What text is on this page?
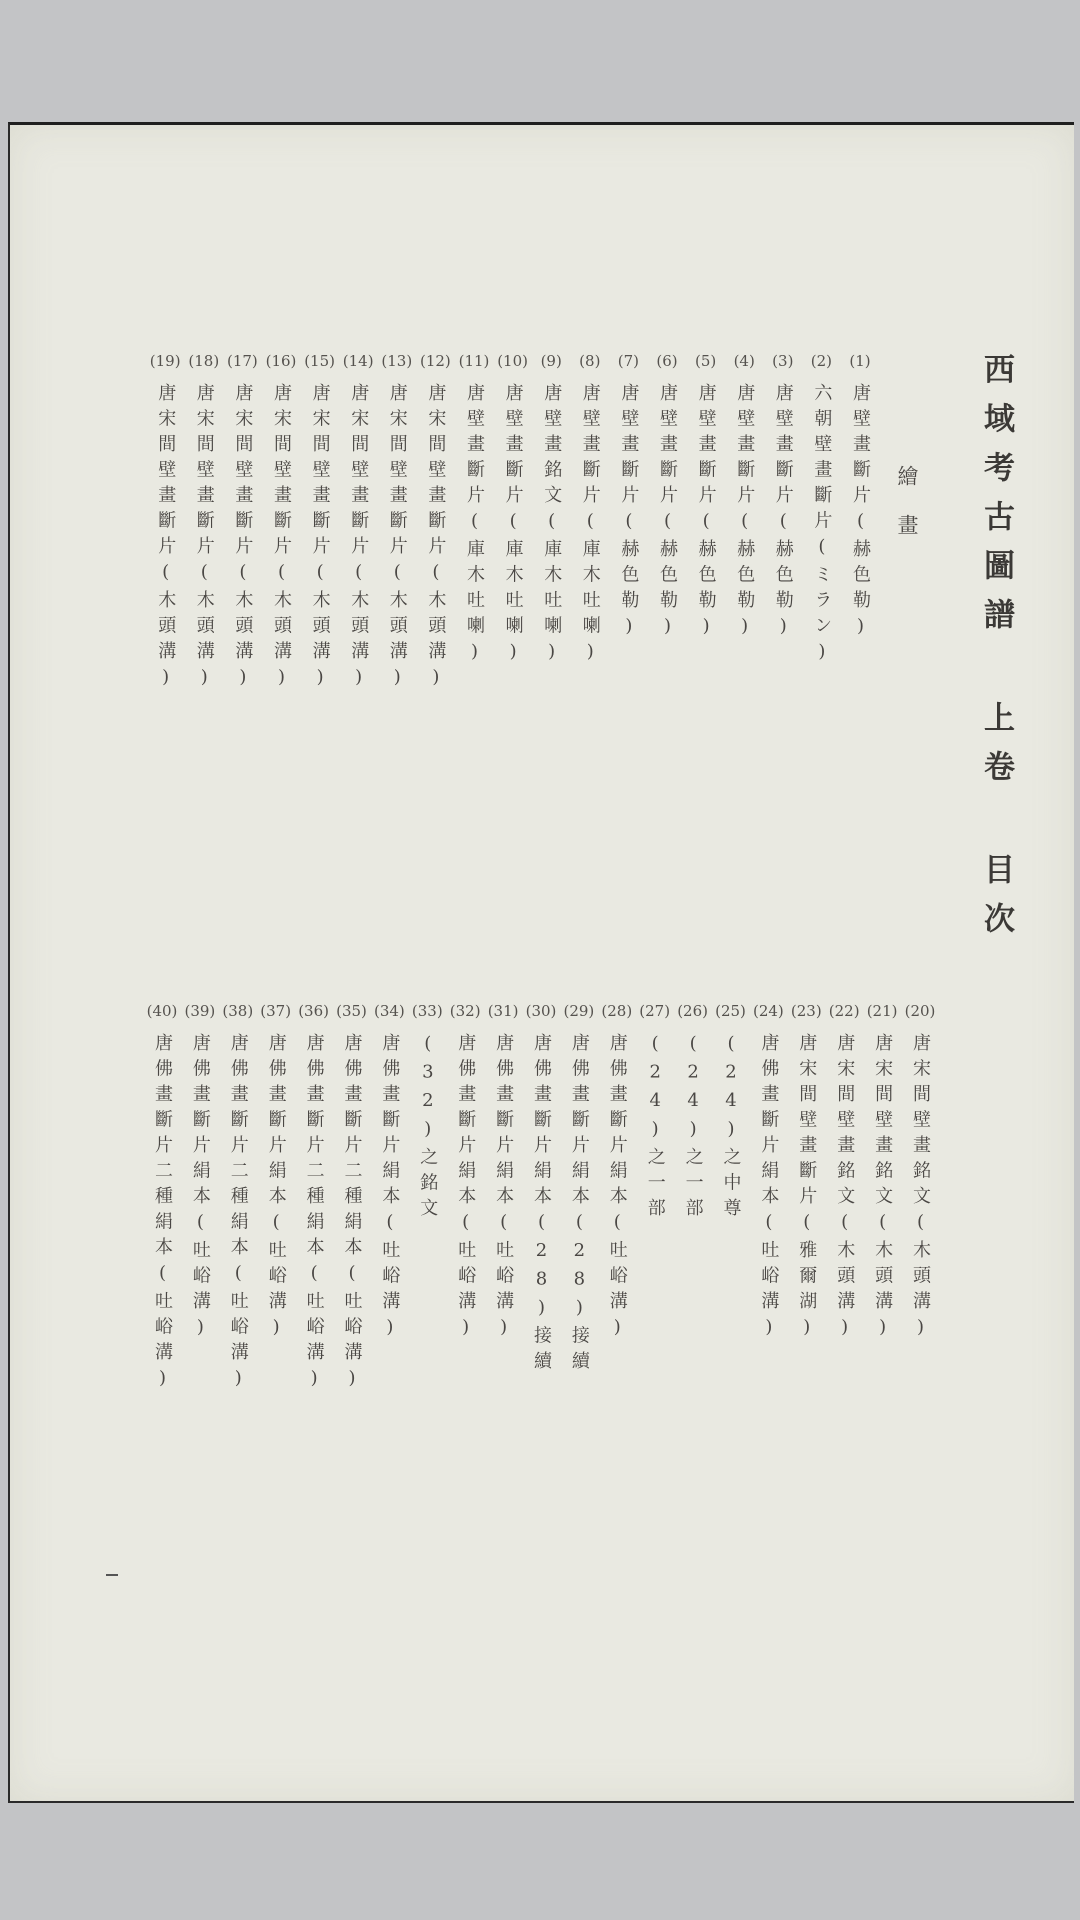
西域考古圖譜 上卷 目次
繪畫
(1)
唐壁畫斷片(赫色勒)
(2)
六朝壁畫斷片(ミラン)
(3)
唐壁畫斷片(赫色勒)
(4)
唐壁畫斷片(赫色勒)
(5)
唐壁畫斷片(赫色勒)
(6)
唐壁畫斷片(赫色勒)
(7)
唐壁畫斷片(赫色勒)
(8)
唐壁畫斷片(庫木吐喇)
(9)
唐壁畫銘文(庫木吐喇)
(10)
唐壁畫斷片(庫木吐喇)
(11)
唐壁畫斷片(庫木吐喇)
(12)
唐宋間壁畫斷片(木頭溝)
(13)
唐宋間壁畫斷片(木頭溝)
(14)
唐宋間壁畫斷片(木頭溝)
(15)
唐宋間壁畫斷片(木頭溝)
(16)
唐宋間壁畫斷片(木頭溝)
(17)
唐宋間壁畫斷片(木頭溝)
(18)
唐宋間壁畫斷片(木頭溝)
(19)
唐宋間壁畫斷片(木頭溝)
(20)
唐宋間壁畫銘文(木頭溝)
(21)
唐宋間壁畫銘文(木頭溝)
(22)
唐宋間壁畫銘文(木頭溝)
(23)
唐宋間壁畫斷片(雅爾湖)
(24)
唐佛畫斷片絹本(吐峪溝)
(25)
(24)之中尊
(26)
(24)之一部
(27)
(24)之一部
(28)
唐佛畫斷片絹本(吐峪溝)
(29)
唐佛畫斷片絹本(28)接續
(30)
唐佛畫斷片絹本(28)接續
(31)
唐佛畫斷片絹本(吐峪溝)
(32)
唐佛畫斷片絹本(吐峪溝)
(33)
(32)之銘文
(34)
唐佛畫斷片絹本(吐峪溝)
(35)
唐佛畫斷片二種絹本(吐峪溝)
(36)
唐佛畫斷片二種絹本(吐峪溝)
(37)
唐佛畫斷片絹本(吐峪溝)
(38)
唐佛畫斷片二種絹本(吐峪溝)
(39)
唐佛畫斷片絹本(吐峪溝)
(40)
唐佛畫斷片二種絹本(吐峪溝)
